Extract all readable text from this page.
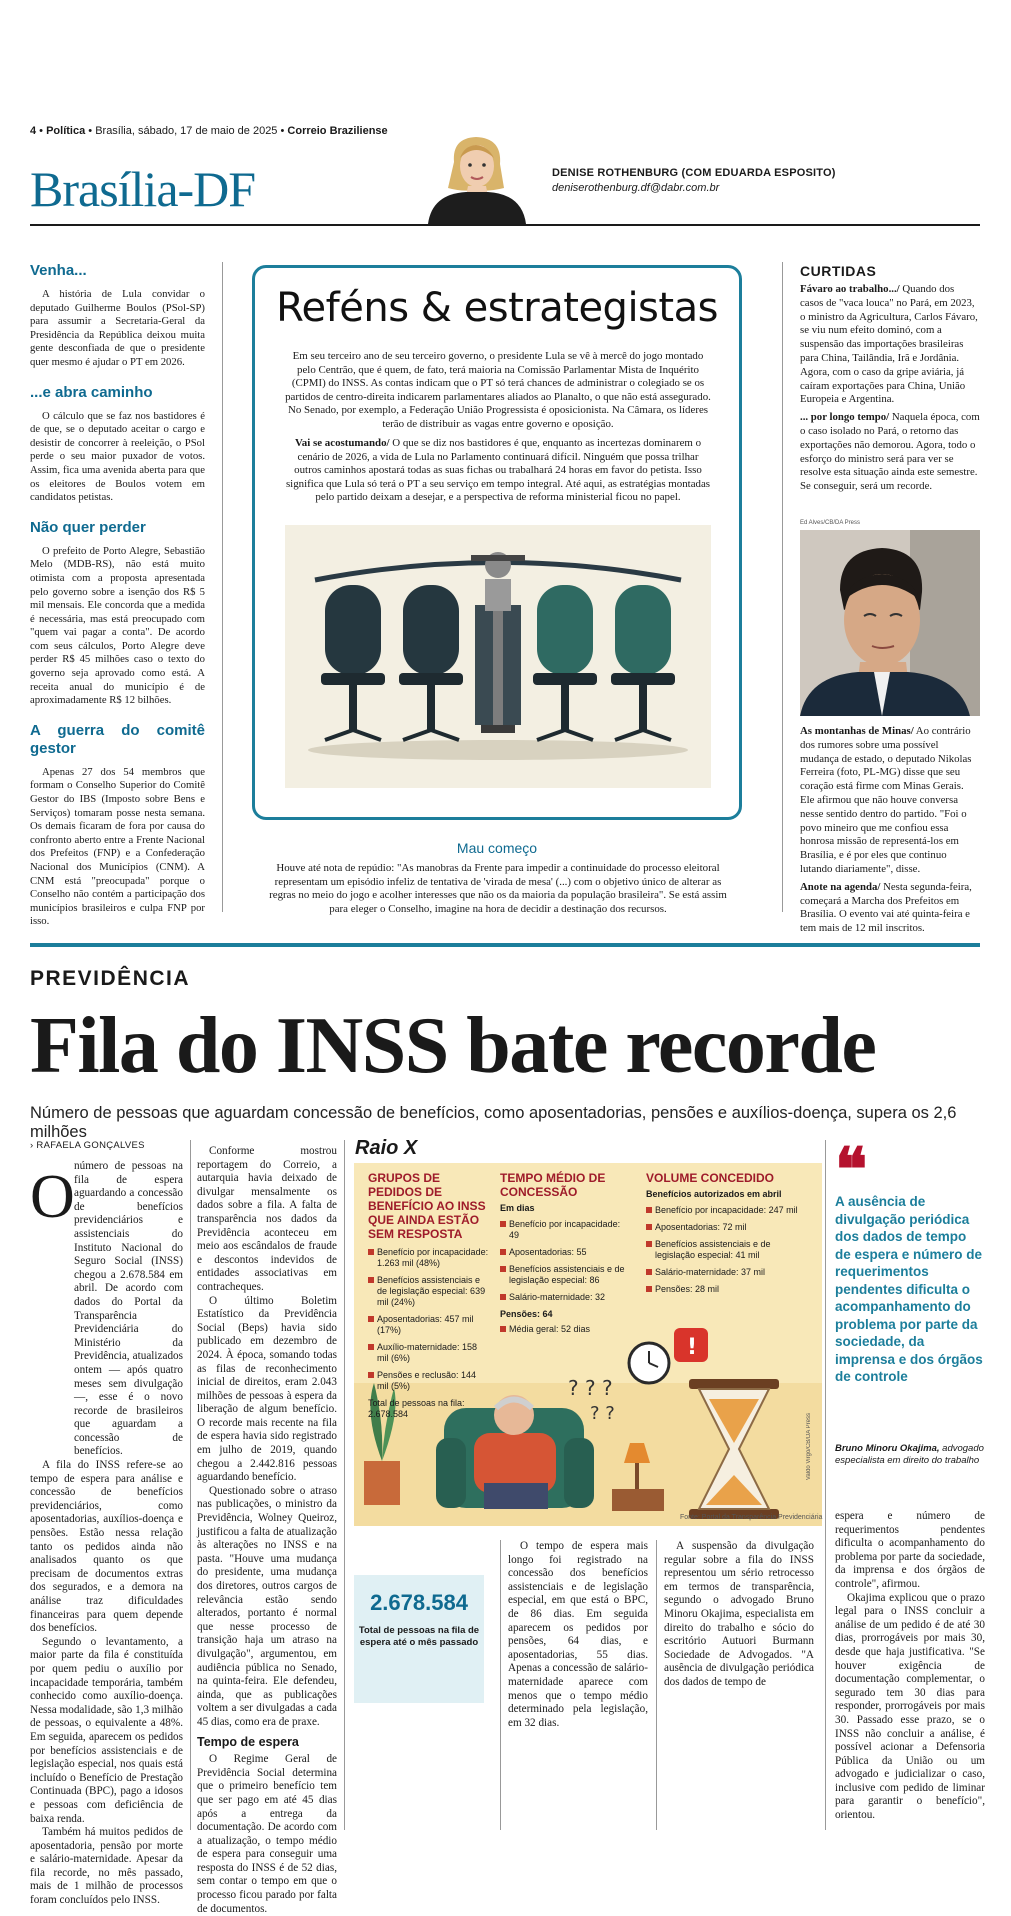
4 • Política • Brasília, sábado, 17 de maio de 2025 • Correio Braziliense
Brasília-DF	DENISE ROTHENBURG (COM EDUARDA ESPOSITO)
deniserothenburg.df@dabr.com.br
Venha...

A história de Lula convidar o deputado Guilherme Boulos (PSol-SP) para assumir a Secretaria-Geral da Presidência da República deixou muita gente desconfiada de que o presidente quer mesmo é ajudar o PT em 2026.

...e abra caminho

O cálculo que se faz nos bastidores é de que, se o deputado aceitar o cargo e desistir de concorrer à reeleição, o PSol perde o seu maior puxador de votos. Assim, fica uma avenida aberta para que os eleitores de Boulos votem em candidatos petistas.

Não quer perder

O prefeito de Porto Alegre, Sebastião Melo (MDB-RS), não está muito otimista com a proposta apresentada pelo governo sobre a isenção dos R$ 5 mil mensais. Ele concorda que a medida é necessária, mas está preocupado com "quem vai pagar a conta". De acordo com seus cálculos, Porto Alegre deve perder R$ 45 milhões caso o texto do governo seja aprovado como está. A receita anual do município é de aproximadamente R$ 12 bilhões.

A guerra do comitê gestor

Apenas 27 dos 54 membros que formam o Conselho Superior do Comitê Gestor do IBS (Imposto sobre Bens e Serviços) tomaram posse nesta semana. Os demais ficaram de fora por causa do confronto aberto entre a Frente Nacional dos Prefeitos (FNP) e a Confederação Nacional dos Municípios (CNM). A CNM está "preocupada" porque o Conselho não contém a participação dos municípios brasileiros e culpa FNP por isso.

Reféns & estrategistas

Em seu terceiro ano de seu terceiro governo, o presidente Lula se vê à mercê do jogo montado pelo Centrão, que é quem, de fato, terá maioria na Comissão Parlamentar Mista de Inquérito (CPMI) do INSS. As contas indicam que o PT só terá chances de administrar o colegiado se os partidos de centro-direita indicarem parlamentares aliados ao Planalto, o que não está assegurado. No Senado, por exemplo, a Federação União Progressista é oposicionista. Na Câmara, os líderes terão de distribuir as vagas entre governo e oposição.

Vai se acostumando/ O que se diz nos bastidores é que, enquanto as incertezas dominarem o cenário de 2026, a vida de Lula no Parlamento continuará difícil. Ninguém que possa trilhar outros caminhos apostará todas as suas fichas ou trabalhará 24 horas em favor do petista. Isso significa que Lula só terá o PT a seu serviço em tempo integral. Até aqui, as estratégias montadas pelo partido deixam a desejar, e a perspectiva de reforma ministerial ficou no papel.

Mau começo

Houve até nota de repúdio: "As manobras da Frente para impedir a continuidade do processo eleitoral representam um episódio infeliz de tentativa de 'virada de mesa' (...) com o objetivo único de alterar as regras no meio do jogo e acolher interesses que não os da maioria da população brasileira". Se está assim para eleger o Conselho, imagine na hora de decidir a destinação dos recursos.

CURTIDAS

Fávaro ao trabalho.../ Quando dos casos de "vaca louca" no Pará, em 2023, o ministro da Agricultura, Carlos Fávaro, se viu num efeito dominó, com a suspensão das importações brasileiras para China, Tailândia, Irã e Jordânia. Agora, com o caso da gripe aviária, já caíram exportações para China, União Europeia e Argentina.

... por longo tempo/ Naquela época, com o caso isolado no Pará, o retorno das exportações não demorou. Agora, todo o esforço do ministro será para ver se resolve esta situação ainda este semestre. Se conseguir, será um recorde.

Ed Alves/CB/DA Press

As montanhas de Minas/ Ao contrário dos rumores sobre uma possível mudança de estado, o deputado Nikolas Ferreira (foto, PL-MG) disse que seu coração está firme com Minas Gerais. Ele afirmou que não houve conversa nesse sentido dentro do partido. "Foi o povo mineiro que me confiou essa honrosa missão de representá-los em Brasília, e é por eles que continuo lutando diariamente", disse.

Anote na agenda/ Nesta segunda-feira, começará a Marcha dos Prefeitos em Brasília. O evento vai até quinta-feira e tem mais de 12 mil inscritos.

PREVIDÊNCIA
Fila do INSS bate recorde
Número de pessoas que aguardam concessão de benefícios, como aposentadorias, pensões e auxílios-doença, supera os 2,6 milhões
› RAFAELA GONÇALVES
O número de pessoas na fila de espera aguardando a concessão de benefícios previdenciários e assistenciais do Instituto Nacional do Seguro Social (INSS) chegou a 2.678.584 em abril. De acordo com dados do Portal da Transparência Previdenciária do Ministério da Previdência, atualizados ontem — após quatro meses sem divulgação —, esse é o novo recorde de brasileiros que aguardam a concessão de benefícios.

A fila do INSS refere-se ao tempo de espera para análise e concessão de benefícios previdenciários, como aposentadorias, auxílios-doença e pensões. Estão nessa relação tanto os pedidos ainda não analisados quanto os que precisam de documentos extras dos segurados, e a demora na análise traz dificuldades financeiras para quem depende dos benefícios.

Segundo o levantamento, a maior parte da fila é constituída por quem pediu o auxílio por incapacidade temporária, também conhecido como auxílio-doença. Nessa modalidade, são 1,3 milhão de pessoas, o equivalente a 48%. Em seguida, aparecem os pedidos por benefícios assistenciais e de legislação especial, nos quais está incluído o Benefício de Prestação Continuada (BPC), pago a idosos e pessoas com deficiência de baixa renda.

Também há muitos pedidos de aposentadoria, pensão por morte e salário-maternidade. Apesar da fila recorde, no mês passado, mais de 1 milhão de processos foram concluídos pelo INSS.

Conforme mostrou reportagem do Correio, a autarquia havia deixado de divulgar mensalmente os dados sobre a fila. A falta de transparência nos dados da Previdência aconteceu em meio aos escândalos de fraude e descontos indevidos de entidades associativas em contracheques.

O último Boletim Estatístico da Previdência Social (Beps) havia sido publicado em dezembro de 2024. À época, somando todas as filas de reconhecimento inicial de direitos, eram 2.043 milhões de pessoas à espera da liberação de algum benefício. O recorde mais recente na fila de espera havia sido registrado em julho de 2019, quando chegou a 2.442.816 pessoas aguardando benefício.

Questionado sobre o atraso nas publicações, o ministro da Previdência, Wolney Queiroz, justificou a falta de atualização às alterações no INSS e na pasta. "Houve uma mudança do presidente, uma mudança dos diretores, outros cargos de relevância estão sendo alterados, portanto é normal que nesse processo de transição haja um atraso na divulgação", argumentou, em audiência pública no Senado, na quinta-feira. Ele defendeu, ainda, que as publicações voltem a ser divulgadas a cada 45 dias, como era de praxe.

Tempo de espera

O Regime Geral de Previdência Social determina que o primeiro benefício tem que ser pago em até 45 dias após a entrega da documentação. De acordo com a atualização, o tempo médio de espera para conseguir uma resposta do INSS é de 52 dias, sem contar o tempo em que o processo ficou parado por falta de documentos.

Raio X
? ? ?
? ?
!
GRUPOS DE PEDIDOS DE BENEFÍCIO AO INSS QUE AINDA ESTÃO SEM RESPOSTA
Benefício por incapacidade: 1.263 mil (48%)
Benefícios assistenciais e de legislação especial: 639 mil (24%)
Aposentadorias: 457 mil (17%)
Auxílio-maternidade: 158 mil (6%)
Pensões e reclusão: 144 mil (5%)
Total de pessoas na fila: 2.678.584
TEMPO MÉDIO DE CONCESSÃO
Em dias
Benefício por incapacidade: 49
Aposentadorias: 55
Benefícios assistenciais e de legislação especial: 86
Salário-maternidade: 32
Pensões: 64
Média geral: 52 dias
VOLUME CONCEDIDO
Benefícios autorizados em abril
Benefício por incapacidade: 247 mil
Aposentadorias: 72 mil
Benefícios assistenciais e de legislação especial: 41 mil
Salário-maternidade: 37 mil
Pensões: 28 mil
Valdo Virgo/CB/DA Press
Fonte: Portal da Transparência Previdenciária
2.678.584
Total de pessoas na fila de espera até o mês passado

O tempo de espera mais longo foi registrado na concessão dos benefícios assistenciais e de legislação especial, em que está o BPC, de 86 dias. Em seguida aparecem os pedidos por pensões, 64 dias, e aposentadorias, 55 dias. Apenas a concessão de salário-maternidade aparece com menos que o tempo médio determinado pela legislação, em 32 dias.

A suspensão da divulgação regular sobre a fila do INSS representou um sério retrocesso em termos de transparência, segundo o advogado Bruno Minoru Okajima, especialista em direito do trabalho e sócio do escritório Autuori Burmann Sociedade de Advogados. "A ausência de divulgação periódica dos dados de tempo de

❝
A ausência de divulgação periódica dos dados de tempo de espera e número de requerimentos pendentes dificulta o acompanhamento do problema por parte da sociedade, da imprensa e dos órgãos de controle
Bruno Minoru Okajima, advogado especialista em direito do trabalho

espera e número de requerimentos pendentes dificulta o acompanhamento do problema por parte da sociedade, da imprensa e dos órgãos de controle", afirmou.

Okajima explicou que o prazo legal para o INSS concluir a análise de um pedido é de até 30 dias, prorrogáveis por mais 30, desde que haja justificativa. "Se houver exigência de documentação complementar, o segurado tem 30 dias para responder, prorrogáveis por mais 30. Passado esse prazo, se o INSS não concluir a análise, é possível acionar a Defensoria Pública da União ou um advogado e judicializar o caso, inclusive com pedido de liminar para garantir o benefício", orientou.
